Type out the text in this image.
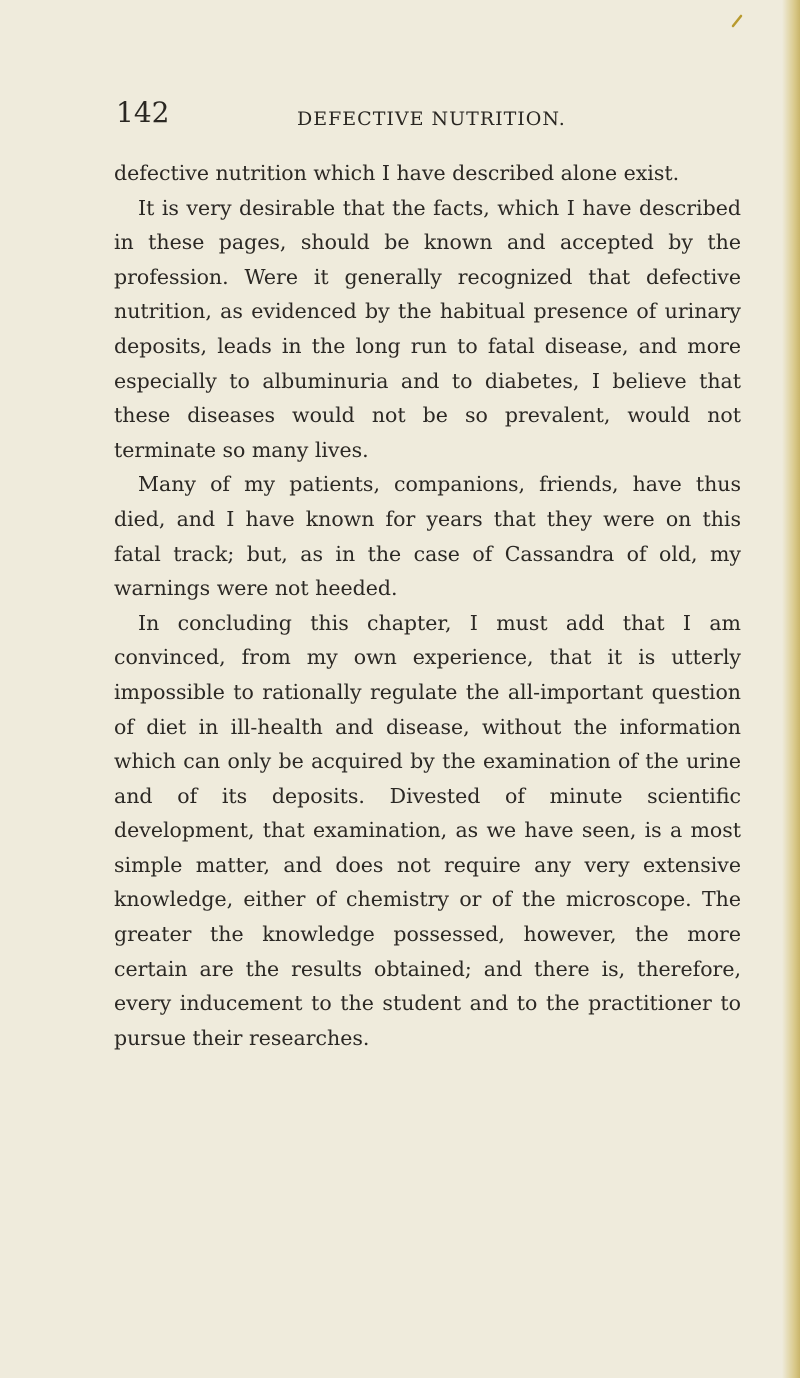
142	DEFECTIVE NUTRITION.

defective nutrition which I have described alone exist.

It is very desirable that the facts, which I have described in these pages, should be known and accepted by the profession. Were it generally recognized that defective nutrition, as evidenced by the habitual presence of urinary deposits, leads in the long run to fatal disease, and more especially to albuminuria and to diabetes, I believe that these diseases would not be so prevalent, would not terminate so many lives.

Many of my patients, companions, friends, have thus died, and I have known for years that they were on this fatal track; but, as in the case of Cassandra of old, my warnings were not heeded.

In concluding this chapter, I must add that I am convinced, from my own experience, that it is utterly impossible to rationally regulate the all-important question of diet in ill-health and disease, without the information which can only be acquired by the examination of the urine and of its deposits. Divested of minute scientific development, that examination, as we have seen, is a most simple matter, and does not require any very extensive knowledge, either of chemistry or of the microscope. The greater the knowledge possessed, however, the more certain are the results obtained; and there is, therefore, every inducement to the student and to the practitioner to pursue their researches.
